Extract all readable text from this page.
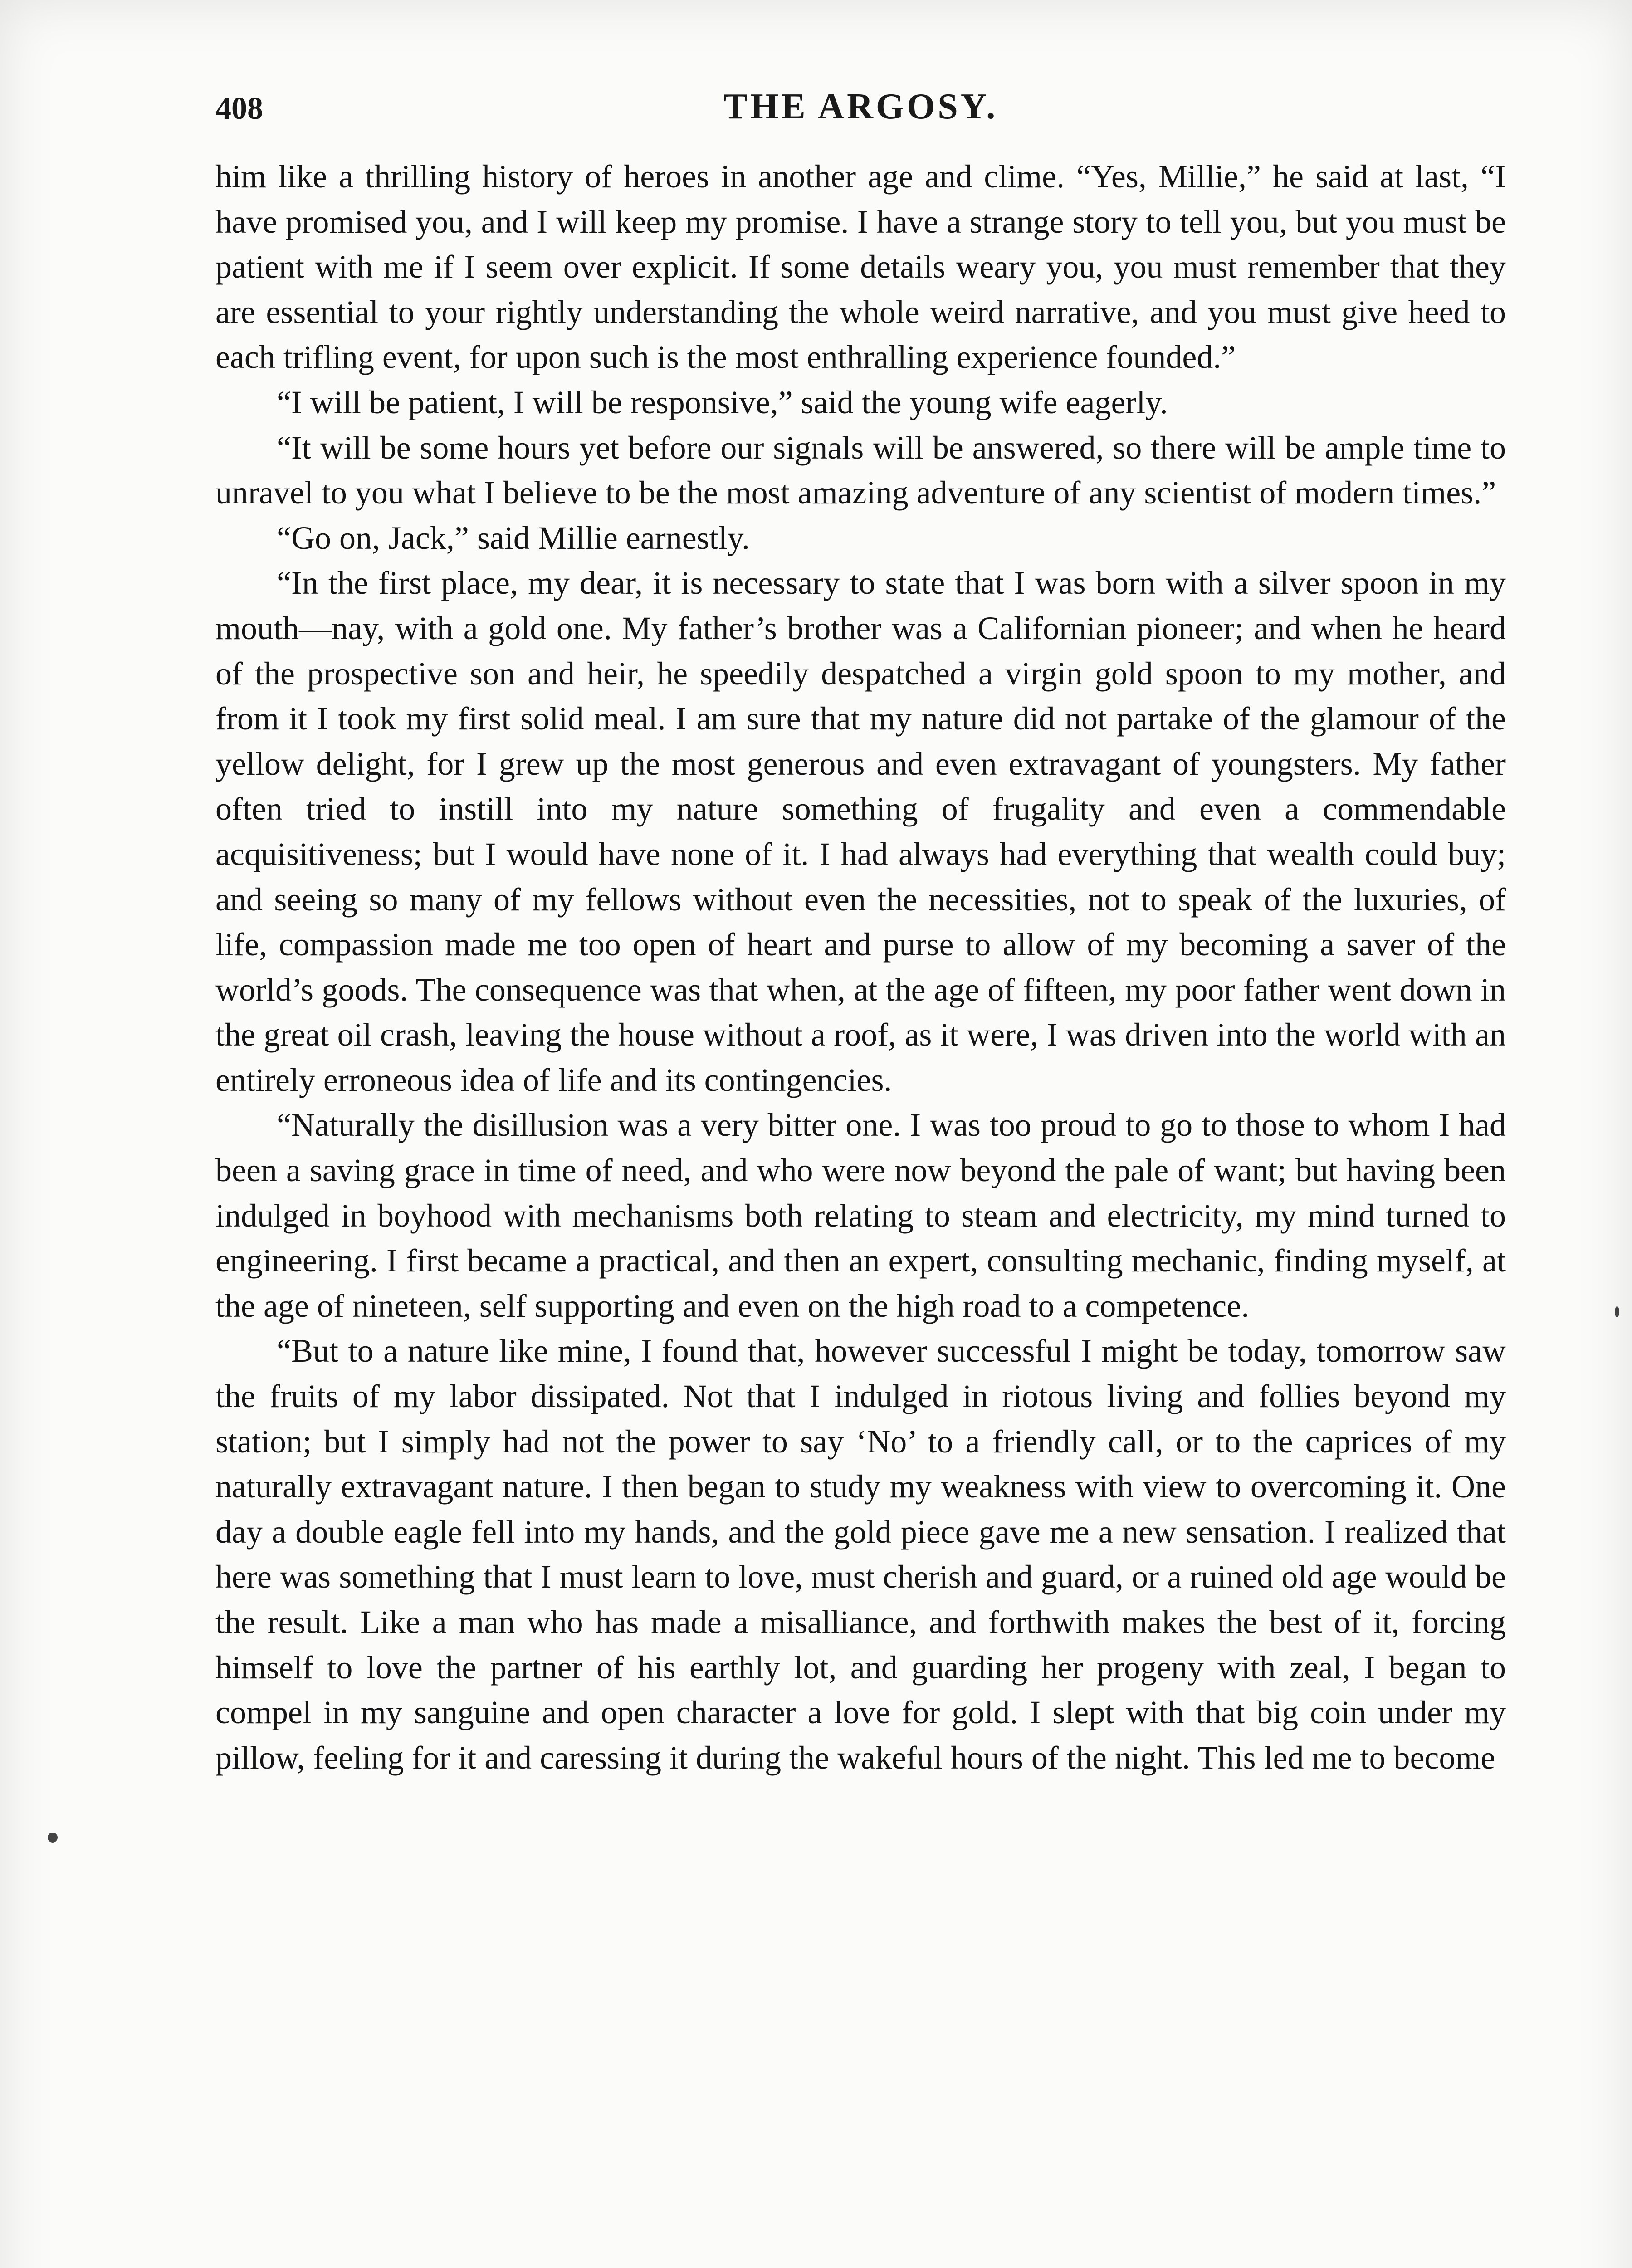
408	THE ARGOSY.

him like a thrilling history of heroes in another age and clime. “Yes, Millie,” he said at last, “I have promised you, and I will keep my promise. I have a strange story to tell you, but you must be patient with me if I seem over explicit. If some details weary you, you must remember that they are essential to your rightly understanding the whole weird narrative, and you must give heed to each trifling event, for upon such is the most enthralling experience founded.”

“I will be patient, I will be responsive,” said the young wife eagerly.

“It will be some hours yet before our signals will be answered, so there will be ample time to unravel to you what I believe to be the most amazing adventure of any scientist of modern times.”

“Go on, Jack,” said Millie earnestly.

“In the first place, my dear, it is necessary to state that I was born with a silver spoon in my mouth—nay, with a gold one. My father’s brother was a Californian pioneer; and when he heard of the prospective son and heir, he speedily despatched a virgin gold spoon to my mother, and from it I took my first solid meal. I am sure that my nature did not partake of the glamour of the yellow delight, for I grew up the most generous and even extravagant of youngsters. My father often tried to instill into my nature something of frugality and even a commendable acquisitiveness; but I would have none of it. I had always had everything that wealth could buy; and seeing so many of my fellows without even the necessities, not to speak of the luxuries, of life, compassion made me too open of heart and purse to allow of my becoming a saver of the world’s goods. The consequence was that when, at the age of fifteen, my poor father went down in the great oil crash, leaving the house without a roof, as it were, I was driven into the world with an entirely erroneous idea of life and its contingencies.

“Naturally the disillusion was a very bitter one. I was too proud to go to those to whom I had been a saving grace in time of need, and who were now beyond the pale of want; but having been indulged in boyhood with mechanisms both relating to steam and electricity, my mind turned to engineering. I first became a practical, and then an expert, consulting mechanic, finding myself, at the age of nineteen, self supporting and even on the high road to a competence.

“But to a nature like mine, I found that, however successful I might be today, tomorrow saw the fruits of my labor dissipated. Not that I indulged in riotous living and follies beyond my station; but I simply had not the power to say ‘No’ to a friendly call, or to the caprices of my naturally extravagant nature. I then began to study my weakness with view to overcoming it. One day a double eagle fell into my hands, and the gold piece gave me a new sensation. I realized that here was something that I must learn to love, must cherish and guard, or a ruined old age would be the result. Like a man who has made a misalliance, and forthwith makes the best of it, forcing himself to love the partner of his earthly lot, and guarding her progeny with zeal, I began to compel in my sanguine and open character a love for gold. I slept with that big coin under my pillow, feeling for it and caressing it during the wakeful hours of the night. This led me to become
